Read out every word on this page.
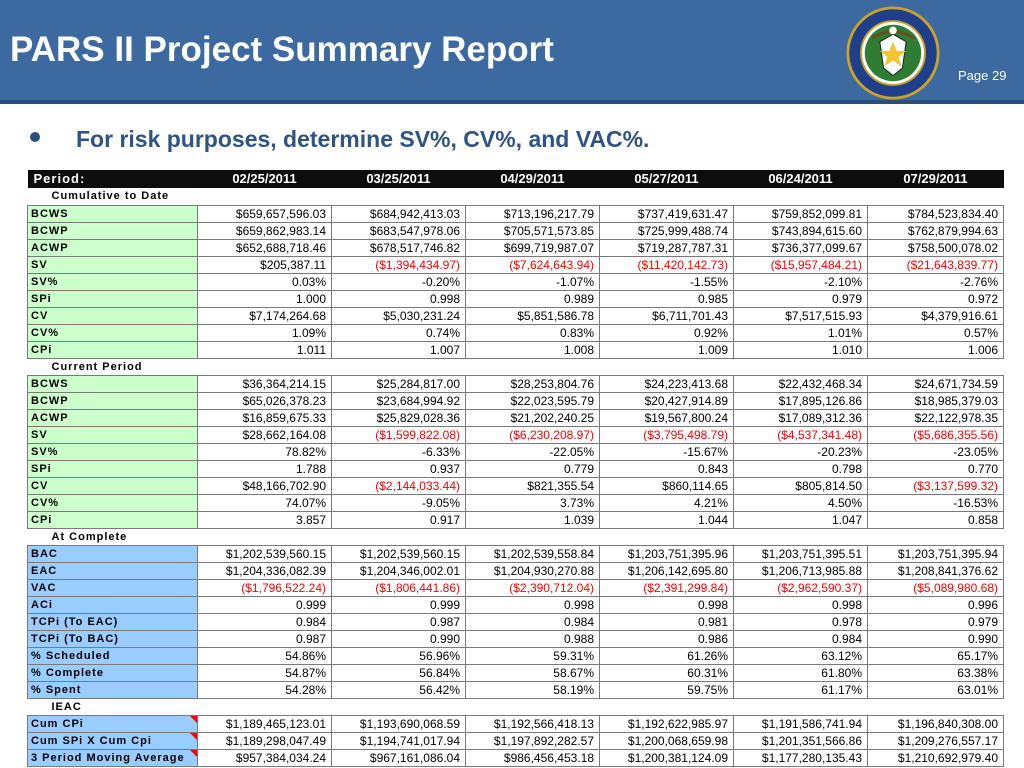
PARS II Project Summary Report
Page 29
For risk purposes, determine SV%, CV%, and VAC%.
Period:	02/25/2011	03/25/2011	04/29/2011	05/27/2011	06/24/2011	07/29/2011
Cumulative to Date						
BCWS	$659,657,596.03	$684,942,413.03	$713,196,217.79	$737,419,631.47	$759,852,099.81	$784,523,834.40
BCWP	$659,862,983.14	$683,547,978.06	$705,571,573.85	$725,999,488.74	$743,894,615.60	$762,879,994.63
ACWP	$652,688,718.46	$678,517,746.82	$699,719,987.07	$719,287,787.31	$736,377,099.67	$758,500,078.02
SV	$205,387.11	($1,394,434.97)	($7,624,643.94)	($11,420,142.73)	($15,957,484.21)	($21,643,839.77)
SV%	0.03%	-0.20%	-1.07%	-1.55%	-2.10%	-2.76%
SPi	1.000	0.998	0.989	0.985	0.979	0.972
CV	$7,174,264.68	$5,030,231.24	$5,851,586.78	$6,711,701.43	$7,517,515.93	$4,379,916.61
CV%	1.09%	0.74%	0.83%	0.92%	1.01%	0.57%
CPi	1.011	1.007	1.008	1.009	1.010	1.006
Current Period						
BCWS	$36,364,214.15	$25,284,817.00	$28,253,804.76	$24,223,413.68	$22,432,468.34	$24,671,734.59
BCWP	$65,026,378.23	$23,684,994.92	$22,023,595.79	$20,427,914.89	$17,895,126.86	$18,985,379.03
ACWP	$16,859,675.33	$25,829,028.36	$21,202,240.25	$19,567,800.24	$17,089,312.36	$22,122,978.35
SV	$28,662,164.08	($1,599,822.08)	($6,230,208.97)	($3,795,498.79)	($4,537,341.48)	($5,686,355.56)
SV%	78.82%	-6.33%	-22.05%	-15.67%	-20.23%	-23.05%
SPi	1.788	0.937	0.779	0.843	0.798	0.770
CV	$48,166,702.90	($2,144,033.44)	$821,355.54	$860,114.65	$805,814.50	($3,137,599.32)
CV%	74.07%	-9.05%	3.73%	4.21%	4.50%	-16.53%
CPi	3.857	0.917	1.039	1.044	1.047	0.858
At Complete						
BAC	$1,202,539,560.15	$1,202,539,560.15	$1,202,539,558.84	$1,203,751,395.96	$1,203,751,395.51	$1,203,751,395.94
EAC	$1,204,336,082.39	$1,204,346,002.01	$1,204,930,270.88	$1,206,142,695.80	$1,206,713,985.88	$1,208,841,376.62
VAC	($1,796,522.24)	($1,806,441.86)	($2,390,712.04)	($2,391,299.84)	($2,962,590.37)	($5,089,980.68)
ACi	0.999	0.999	0.998	0.998	0.998	0.996
TCPi (To EAC)	0.984	0.987	0.984	0.981	0.978	0.979
TCPi (To BAC)	0.987	0.990	0.988	0.986	0.984	0.990
% Scheduled	54.86%	56.96%	59.31%	61.26%	63.12%	65.17%
% Complete	54.87%	56.84%	58.67%	60.31%	61.80%	63.38%
% Spent	54.28%	56.42%	58.19%	59.75%	61.17%	63.01%
IEAC						
Cum CPi	$1,189,465,123.01	$1,193,690,068.59	$1,192,566,418.13	$1,192,622,985.97	$1,191,586,741.94	$1,196,840,308.00
Cum SPi X Cum Cpi	$1,189,298,047.49	$1,194,741,017.94	$1,197,892,282.57	$1,200,068,659.98	$1,201,351,566.86	$1,209,276,557.17
3 Period Moving Average	$957,384,034.24	$967,161,086.04	$986,456,453.18	$1,200,381,124.09	$1,177,280,135.43	$1,210,692,979.40
